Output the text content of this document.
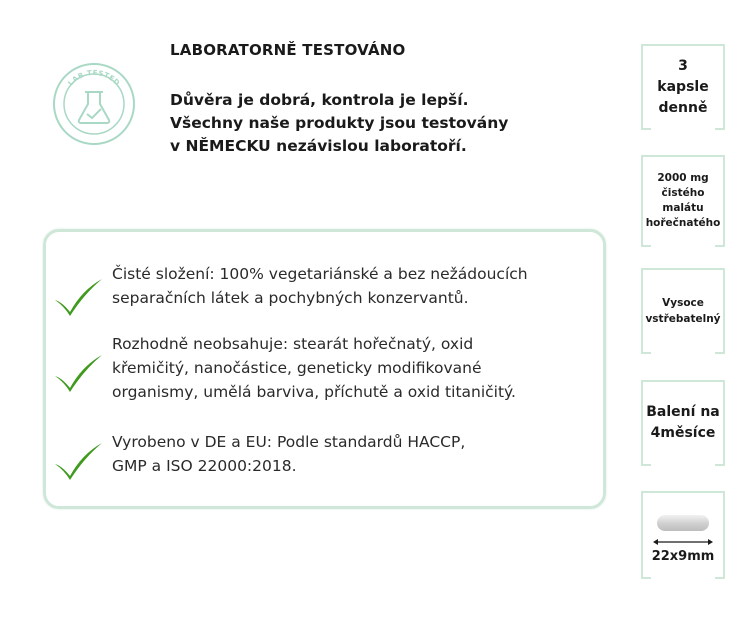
LAB TESTED
LABORATORNĚ TESTOVÁNO
Důvěra je dobrá, kontrola je lepší.
Všechny naše produkty jsou testovány
v NĚMECKU nezávislou laboratoří.
Čisté složení: 100% vegetariánské a bez nežádoucích
separačních látek a pochybných konzervantů.
Rozhodně neobsahuje: stearát hořečnatý, oxid
křemičitý, nanočástice, geneticky modifikované
organismy, umělá barviva, příchutě a oxid titaničitý.
Vyrobeno v DE a EU: Podle standardů HACCP,
GMP a ISO 22000:2018.
3
kapsle
denně
2000 mg
čistého
malátu
hořečnatého
Vysoce
vstřebatelný
Balení na
4měsíce
22x9mm
